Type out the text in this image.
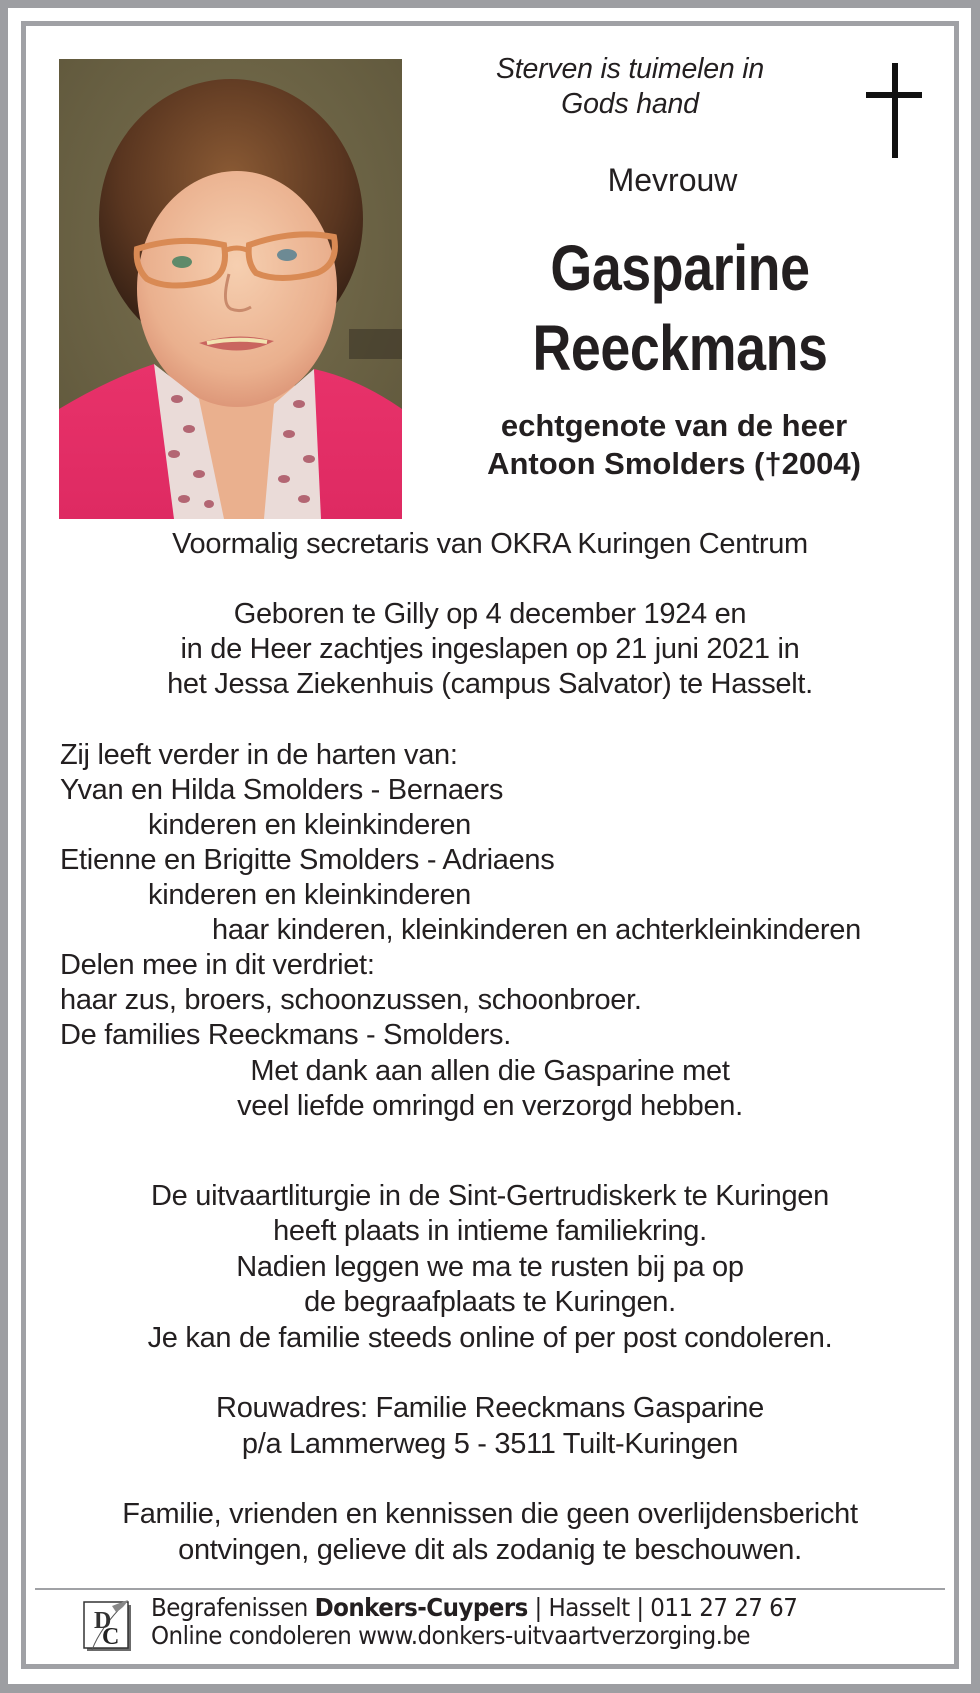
Sterven is tuimelen in
Gods hand
Mevrouw
Gasparine
Reeckmans
echtgenote van de heer
Antoon Smolders (†2004)
Voormalig secretaris van OKRA Kuringen Centrum
Geboren te Gilly op 4 december 1924 en
in de Heer zachtjes ingeslapen op 21 juni 2021 in
het Jessa Ziekenhuis (campus Salvator) te Hasselt.
Zij leeft verder in de harten van:
Yvan en Hilda Smolders - Bernaers
kinderen en kleinkinderen
Etienne en Brigitte Smolders - Adriaens
kinderen en kleinkinderen
haar kinderen, kleinkinderen en achterkleinkinderen
Delen mee in dit verdriet:
haar zus, broers, schoonzussen, schoonbroer.
De families Reeckmans - Smolders.
Met dank aan allen die Gasparine met
veel liefde omringd en verzorgd hebben.
De uitvaartliturgie in de Sint-Gertrudiskerk te Kuringen
heeft plaats in intieme familiekring.
Nadien leggen we ma te rusten bij pa op
de begraafplaats te Kuringen.
Je kan de familie steeds online of per post condoleren.
Rouwadres: Familie Reeckmans Gasparine
p/a Lammerweg 5 - 3511 Tuilt-Kuringen
Familie, vrienden en kennissen die geen overlijdensbericht
ontvingen, gelieve dit als zodanig te beschouwen.
D
C
Begrafenissen Donkers-Cuypers | Hasselt | 011 27 27 67
Online condoleren www.donkers-uitvaartverzorging.be
